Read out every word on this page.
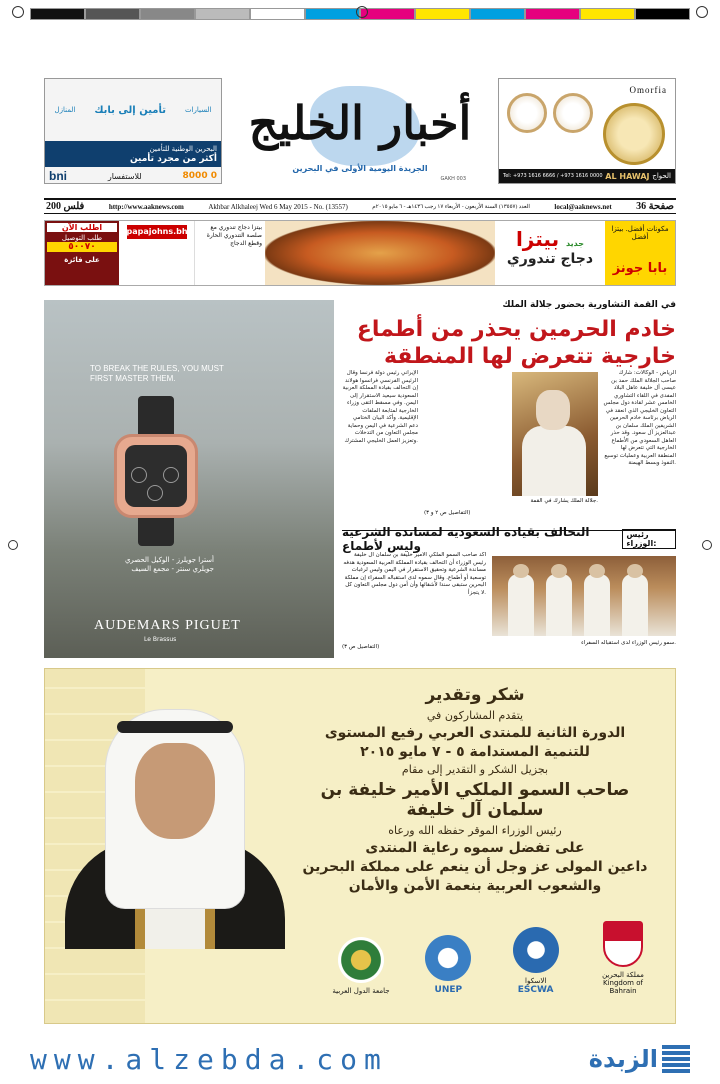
المنازل تأمين إلى بابك	السيارات
البحرين الوطنية للتأمين
أكثر من مجرد تأمين
bni	للاستفسار	8000 0
أخبار الخليج
الجريدة اليومية الأولى في البحرين
GAKH 003
Omorfia
Tel: +973 1616 6666 / +973 1616 0000 AL HAWAJ الحواج
200 فلس	http://www.aaknews.com	Akhbar Alkhaleej Wed 6 May 2015 - No. (13557)	العدد (١٣٥٥٧) السنة الأربعون - الأربعاء ١٧ رجب ١٤٣٦هـ - ٦ مايو ٢٠١٥م	local@aaknews.net 36 صفحة
اطلب الآن
طلب التوصيل
٥٠٠٧٠
على فائزة
papajohns.bh	بيتزا دجاج تندوري مع صلصة التندوري الحارة وقطع الدجاج	جديد بيتزا
دجاج تندوري
مكونات أفضل. بيتزا أفضل
بابا جونز
TO BREAK THE RULES, YOU MUST FIRST MASTER THEM.
أسترا جويلرز - الوكيل الحصري
جويلري سنتر - مجمع السيف
AUDEMARS PIGUET
Le Brassus
في القمة التشاورية بحضور جلالة الملك
خادم الحرمين يحذر من أطماع
خارجية تتعرض لها المنطقة
الرياض - الوكالات: شارك صاحب الجلالة الملك حمد بن عيسى آل خليفة عاهل البلاد المفدى في اللقاء التشاوري الخامس عشر لقادة دول مجلس التعاون الخليجي الذي انعقد في الرياض برئاسة خادم الحرمين الشريفين الملك سلمان بن عبدالعزيز آل سعود. وقد حذر العاهل السعودي من الأطماع الخارجية التي تتعرض لها المنطقة العربية وعمليات توسيع النفوذ وبسط الهيمنة.
الإيراني رئيس دولة فرنسا وقال الرئيس الفرنسي فرانسوا هولاند إن التحالف بقيادة المملكة العربية السعودية سيعيد الاستقرار إلى اليمن. وفي مسقط التقى وزراء الخارجية لمتابعة الملفات الإقليمية. وأكد البيان الختامي دعم الشرعية في اليمن وحماية مجلس التعاون من التدخلات وتعزيز العمل الخليجي المشترك.
جلالة الملك يشارك في القمة.
(التفاصيل ص ٢ و ٣)
التحالف بقيادة السعودية لمساندة الشرعية وليس لأطماع
رئيس الوزراء:
أكد صاحب السمو الملكي الأمير خليفة بن سلمان آل خليفة رئيس الوزراء أن التحالف بقيادة المملكة العربية السعودية هدفه مساندة الشرعية وتحقيق الاستقرار في اليمن وليس لرغبات توسعية أو أطماع. وقال سموه لدى استقباله السفراء إن مملكة البحرين ستبقى سندا لأشقائها وأن أمن دول مجلس التعاون كل لا يتجزأ.
سمو رئيس الوزراء لدى استقباله السفراء.
(التفاصيل ص ٣)
شكر وتقدير
يتقدم المشاركون في
الدورة الثانية للمنتدى العربي رفيع المستوى
للتنمية المستدامة ٥ - ٧ مايو ٢٠١٥
بجزيل الشكر و التقدير إلى مقام
صاحب السمو الملكي الأمير خليفة بن سلمان آل خليفة
رئيس الوزراء الموقر حفظه الله ورعاه
على تفضل سموه رعاية المنتدى
داعين المولى عز وجل أن ينعم على مملكة البحرين
والشعوب العربية بنعمة الأمن والأمان
جامعة الدول العربية	UNEP
الاسكوا
ESCWA
مملكة البحرين
Kingdom of Bahrain
www.alzebda.com	الزبدة
